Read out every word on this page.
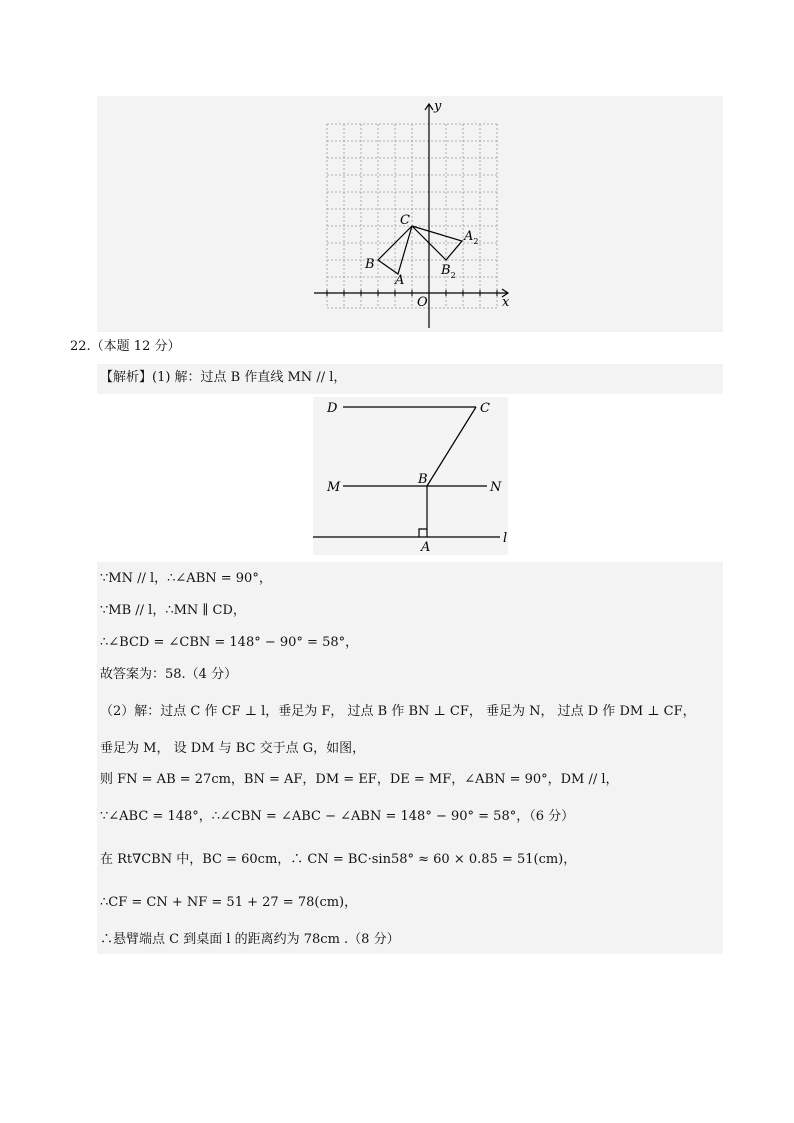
y
x
O
C
$A_2$
B
A
$B_2$
22.（本题 12 分）
【解析】(1) 解：过点 B 作直线 MN // l，
D	C
M
B
N
A
l
∵MN // l，∴∠ABN = 90°，
∵MB // l，∴MN ∥ CD，
∴∠BCD = ∠CBN = 148° − 90° = 58°，
故答案为：58.（4 分）
（2）解：过点 C 作 CF ⊥ l，垂足为 F， 过点 B 作 BN ⊥ CF， 垂足为 N， 过点 D 作 DM ⊥ CF，
垂足为 M， 设 DM 与 BC 交于点 G，如图，
则 FN = AB = 27cm，BN = AF，DM = EF，DE = MF，∠ABN = 90°，DM // l，
∵∠ABC = 148°，∴∠CBN = ∠ABC − ∠ABN = 148° − 90° = 58°，（6 分）
在 Rt∇CBN 中，BC = 60cm，∴ CN = BC·sin58° ≈ 60 × 0.85 = 51(cm)，
∴CF = CN + NF = 51 + 27 = 78(cm)，
∴悬臂端点 C 到桌面 l 的距离约为 78cm .（8 分）
